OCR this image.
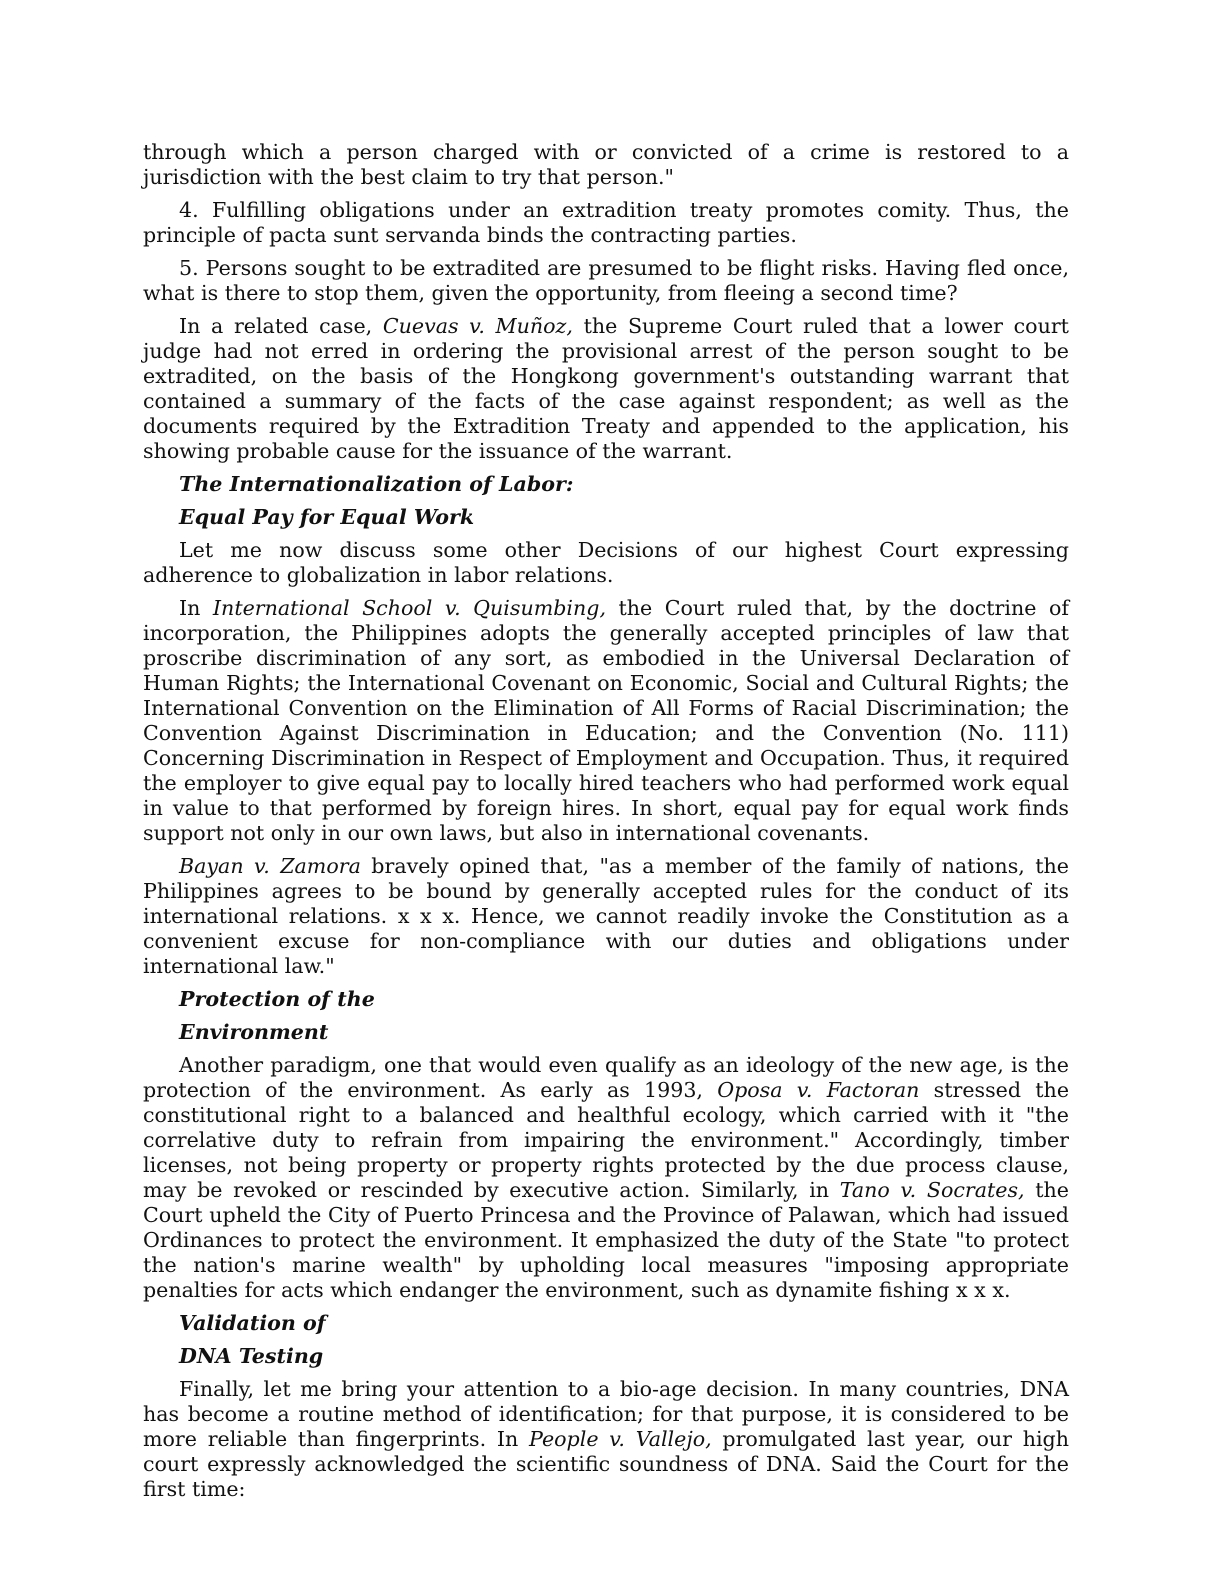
through which a person charged with or convicted of a crime is restored to a jurisdiction with the best claim to try that person."

4. Fulfilling obligations under an extradition treaty promotes comity. Thus, the principle of pacta sunt servanda binds the contracting parties.

5. Persons sought to be extradited are presumed to be flight risks. Having fled once, what is there to stop them, given the opportunity, from fleeing a second time?

In a related case, Cuevas v. Muñoz, the Supreme Court ruled that a lower court judge had not erred in ordering the provisional arrest of the person sought to be extradited, on the basis of the Hongkong government's outstanding warrant that contained a summary of the facts of the case against respondent; as well as the documents required by the Extradition Treaty and appended to the application, his showing probable cause for the issuance of the warrant.

The Internationalization of Labor:
Equal Pay for Equal Work

Let me now discuss some other Decisions of our highest Court expressing adherence to globalization in labor relations.

In International School v. Quisumbing, the Court ruled that, by the doctrine of incorporation, the Philippines adopts the generally accepted principles of law that proscribe discrimination of any sort, as embodied in the Universal Declaration of Human Rights; the International Covenant on Economic, Social and Cultural Rights; the International Convention on the Elimination of All Forms of Racial Discrimination; the Convention Against Discrimination in Education; and the Convention (No. 111) Concerning Discrimination in Respect of Employment and Occupation. Thus, it required the employer to give equal pay to locally hired teachers who had performed work equal in value to that performed by foreign hires. In short, equal pay for equal work finds support not only in our own laws, but also in international covenants.

Bayan v. Zamora bravely opined that, "as a member of the family of nations, the Philippines agrees to be bound by generally accepted rules for the conduct of its international relations. x x x. Hence, we cannot readily invoke the Constitution as a convenient excuse for non-compliance with our duties and obligations under international law."

Protection of the
Environment

Another paradigm, one that would even qualify as an ideology of the new age, is the protection of the environment. As early as 1993, Oposa v. Factoran stressed the constitutional right to a balanced and healthful ecology, which carried with it "the correlative duty to refrain from impairing the environment." Accordingly, timber licenses, not being property or property rights protected by the due process clause, may be revoked or rescinded by executive action. Similarly, in Tano v. Socrates, the Court upheld the City of Puerto Princesa and the Province of Palawan, which had issued Ordinances to protect the environment. It emphasized the duty of the State "to protect the nation's marine wealth" by upholding local measures "imposing appropriate penalties for acts which endanger the environment, such as dynamite fishing x x x.

Validation of
DNA Testing

Finally, let me bring your attention to a bio-age decision. In many countries, DNA has become a routine method of identification; for that purpose, it is considered to be more reliable than fingerprints. In People v. Vallejo, promulgated last year, our high court expressly acknowledged the scientific soundness of DNA. Said the Court for the first time:
